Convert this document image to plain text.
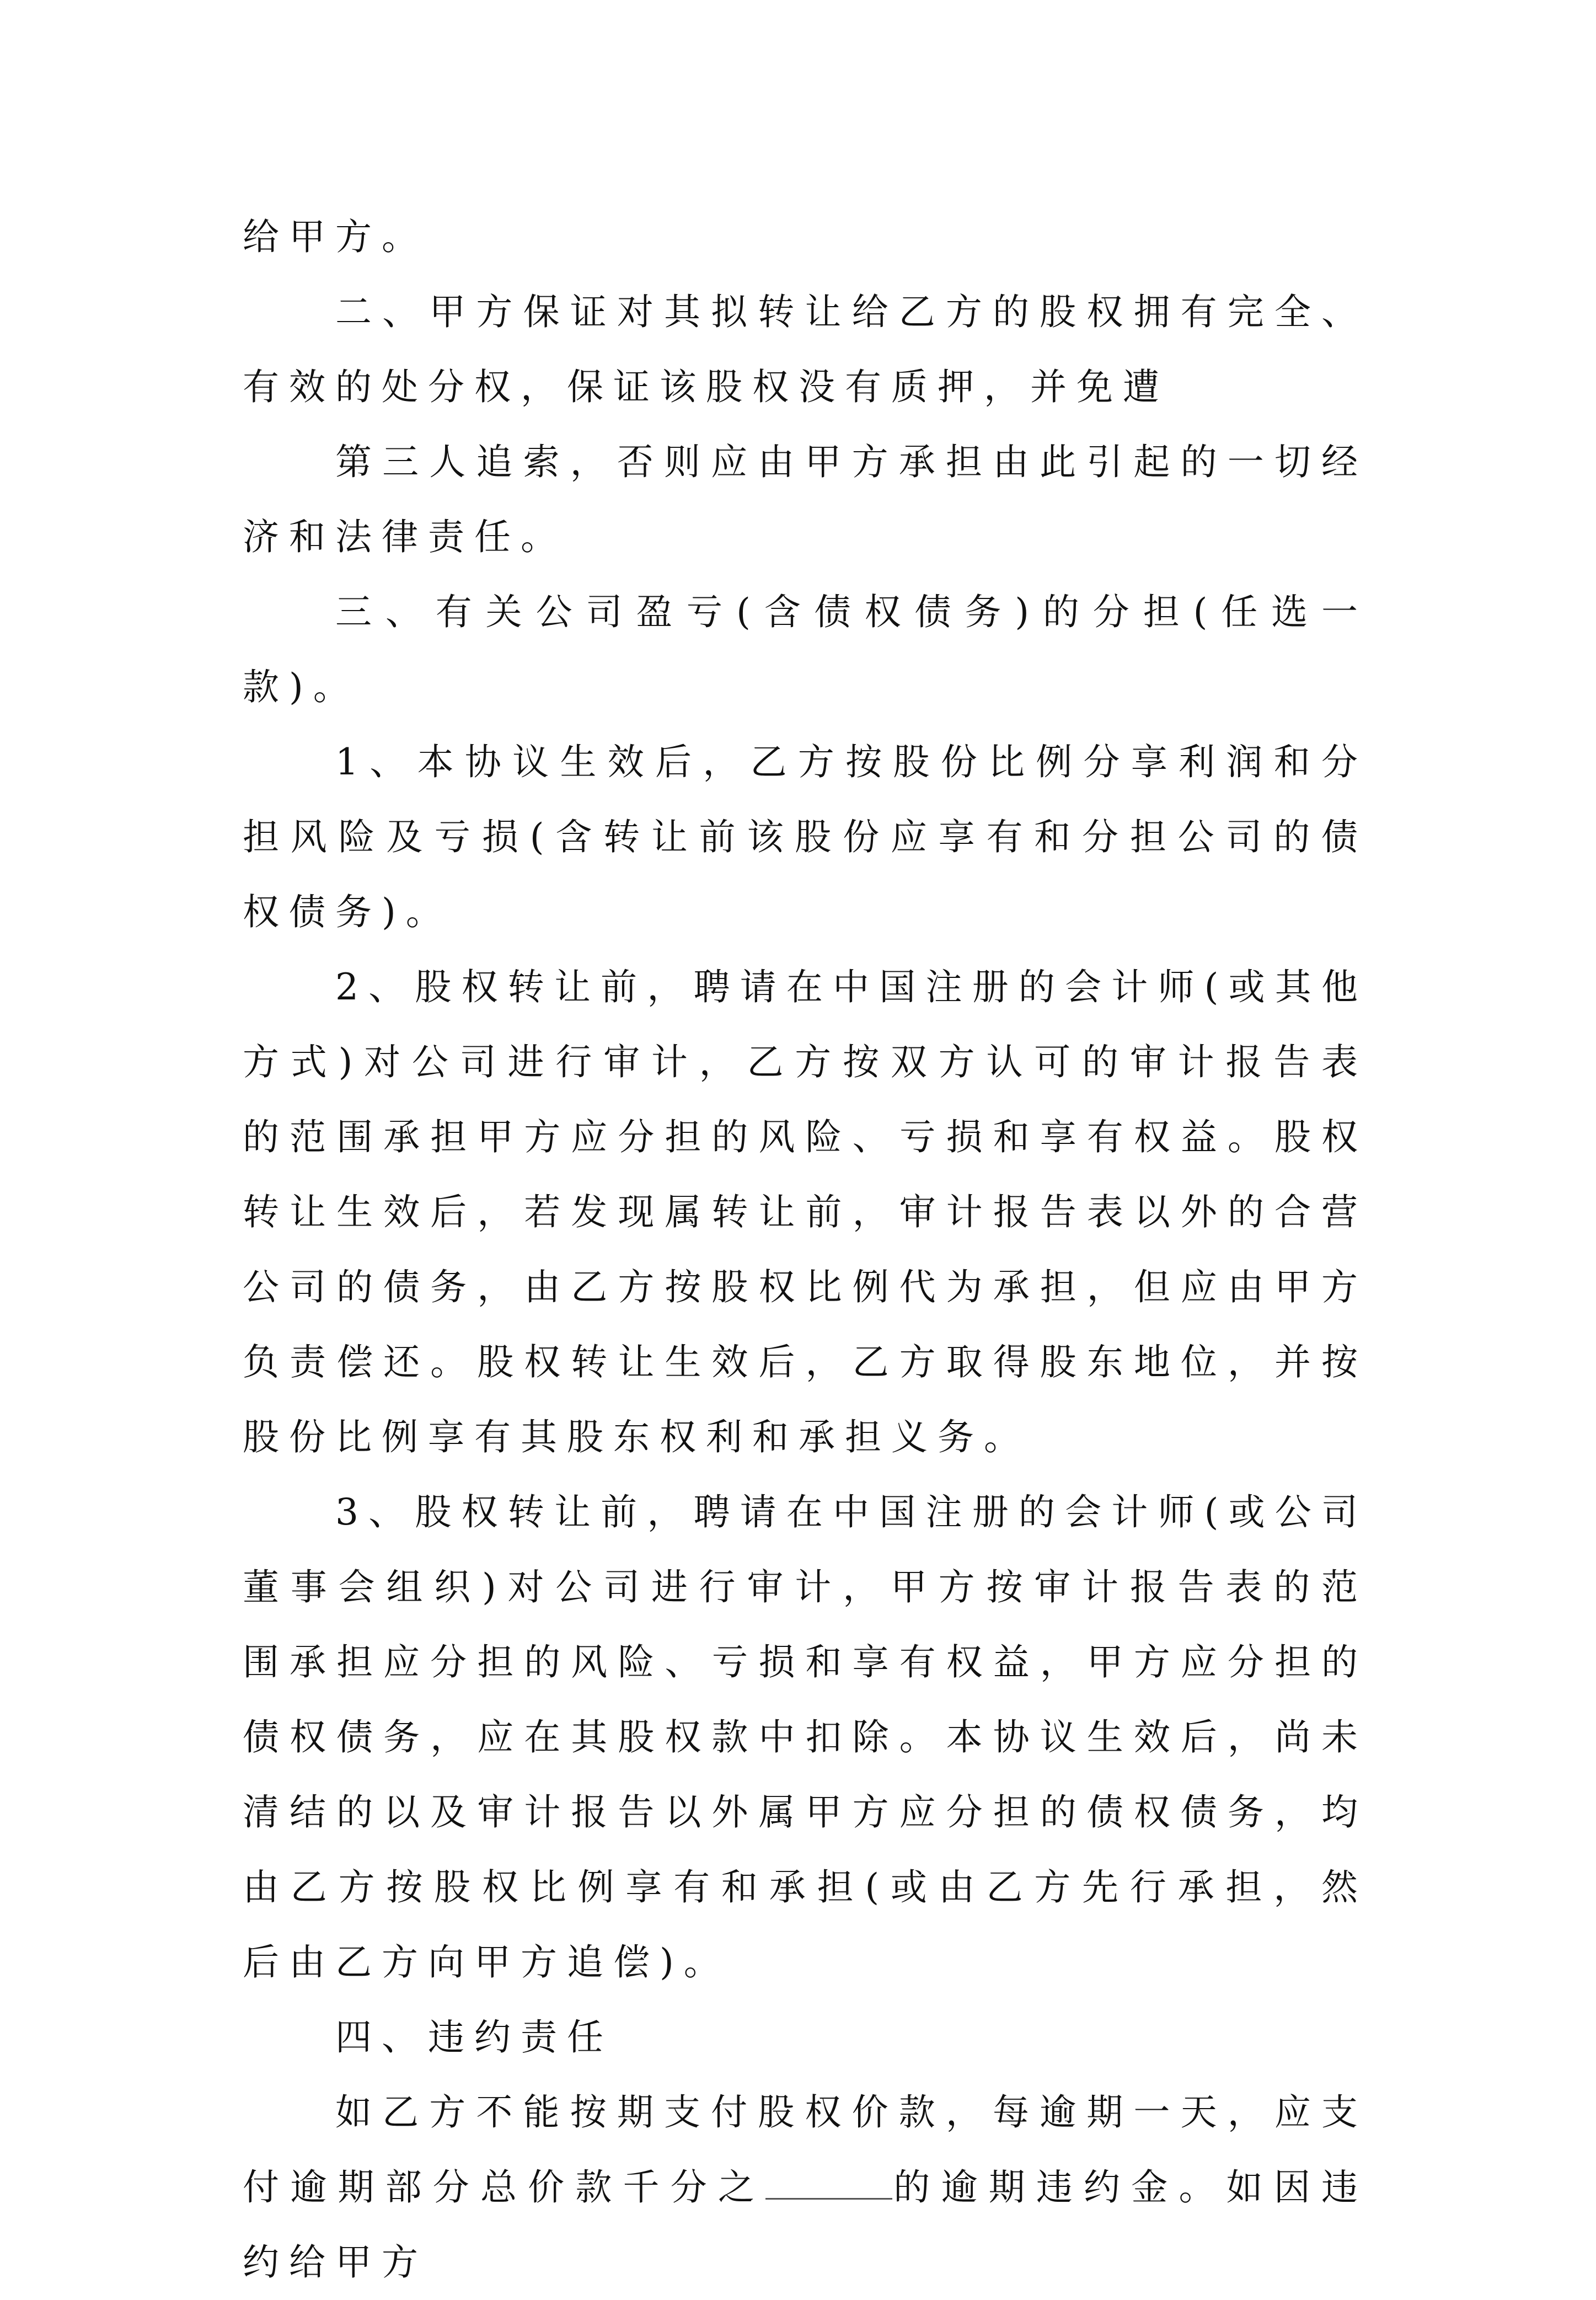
给甲方。

二、甲方保证对其拟转让给乙方的股权拥有完全、有效的处分权，保证该股权没有质押，并免遭

第三人追索，否则应由甲方承担由此引起的一切经济和法律责任。

三、有关公司盈亏(含债权债务)的分担(任选一款)。

1、本协议生效后，乙方按股份比例分享利润和分担风险及亏损(含转让前该股份应享有和分担公司的债权债务)。

2、股权转让前，聘请在中国注册的会计师(或其他方式)对公司进行审计，乙方按双方认可的审计报告表的范围承担甲方应分担的风险、亏损和享有权益。股权转让生效后，若发现属转让前，审计报告表以外的合营公司的债务，由乙方按股权比例代为承担，但应由甲方负责偿还。股权转让生效后，乙方取得股东地位，并按股份比例享有其股东权利和承担义务。

3、股权转让前，聘请在中国注册的会计师(或公司董事会组织)对公司进行审计，甲方按审计报告表的范围承担应分担的风险、亏损和享有权益，甲方应分担的债权债务，应在其股权款中扣除。本协议生效后，尚未清结的以及审计报告以外属甲方应分担的债权债务，均由乙方按股权比例享有和承担(或由乙方先行承担，然后由乙方向甲方追偿)。

四、违约责任

如乙方不能按期支付股权价款，每逾期一天，应支付逾期部分总价款千分之	的逾期违约金。如因违约给甲方
